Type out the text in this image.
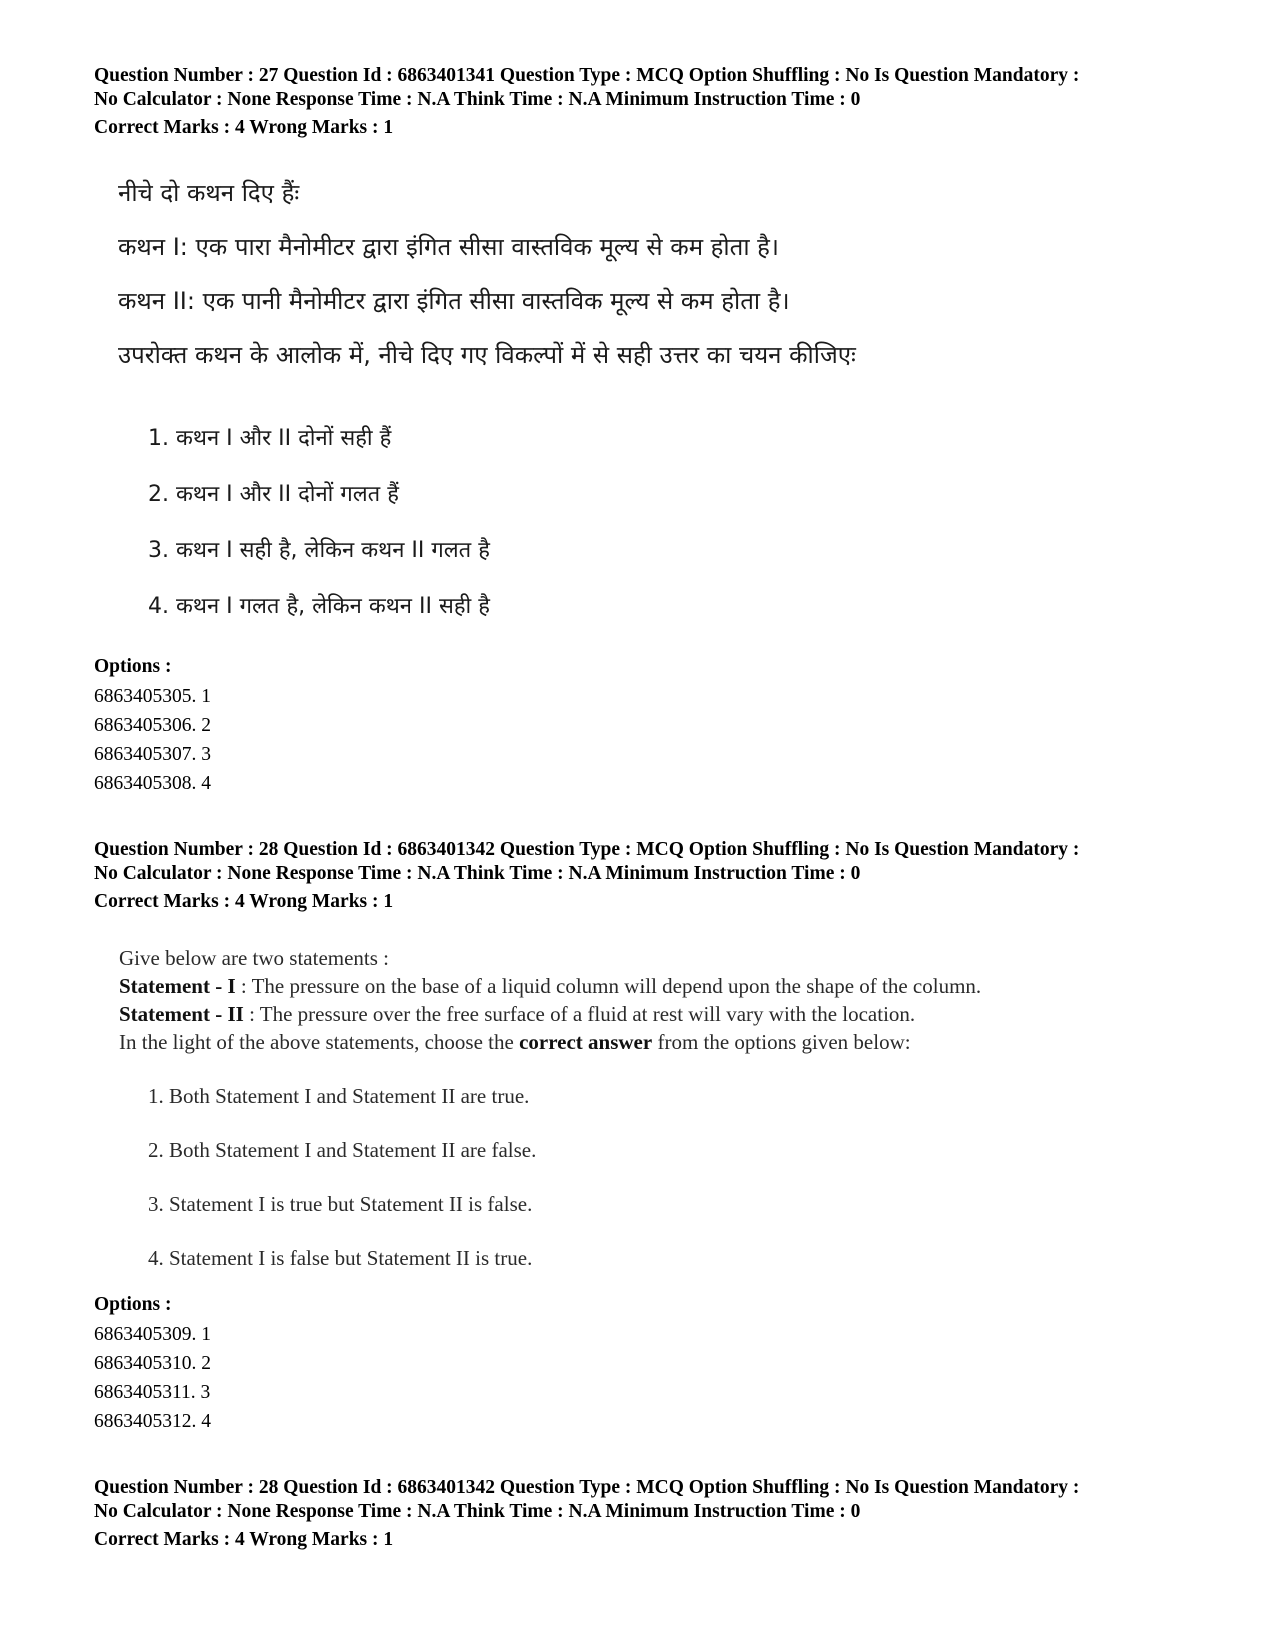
Question Number : 27 Question Id : 6863401341 Question Type : MCQ Option Shuffling : No Is Question Mandatory :

No Calculator : None Response Time : N.A Think Time : N.A Minimum Instruction Time : 0

Correct Marks : 4 Wrong Marks : 1
नीचे दो कथन दिए हैंः
कथन I: एक पारा मैनोमीटर द्वारा इंगित सीसा वास्तविक मूल्य से कम होता है।
कथन II: एक पानी मैनोमीटर द्वारा इंगित सीसा वास्तविक मूल्य से कम होता है।
उपरोक्त कथन के आलोक में, नीचे दिए गए विकल्पों में से सही उत्तर का चयन कीजिएः
1. कथन I और II दोनों सही हैं
2. कथन I और II दोनों गलत हैं
3. कथन I सही है, लेकिन कथन II गलत है
4. कथन I गलत है, लेकिन कथन II सही है
Options :
6863405305. 1
6863405306. 2
6863405307. 3
6863405308. 4

Question Number : 28 Question Id : 6863401342 Question Type : MCQ Option Shuffling : No Is Question Mandatory :

No Calculator : None Response Time : N.A Think Time : N.A Minimum Instruction Time : 0

Correct Marks : 4 Wrong Marks : 1
Give below are two statements :
Statement - I : The pressure on the base of a liquid column will depend upon the shape of the column.
Statement - II : The pressure over the free surface of a fluid at rest will vary with the location.
In the light of the above statements, choose the correct answer from the options given below:
1. Both Statement I and Statement II are true.
2. Both Statement I and Statement II are false.
3. Statement I is true but Statement II is false.
4. Statement I is false but Statement II is true.
Options :
6863405309. 1
6863405310. 2
6863405311. 3
6863405312. 4

Question Number : 28 Question Id : 6863401342 Question Type : MCQ Option Shuffling : No Is Question Mandatory :

No Calculator : None Response Time : N.A Think Time : N.A Minimum Instruction Time : 0

Correct Marks : 4 Wrong Marks : 1
